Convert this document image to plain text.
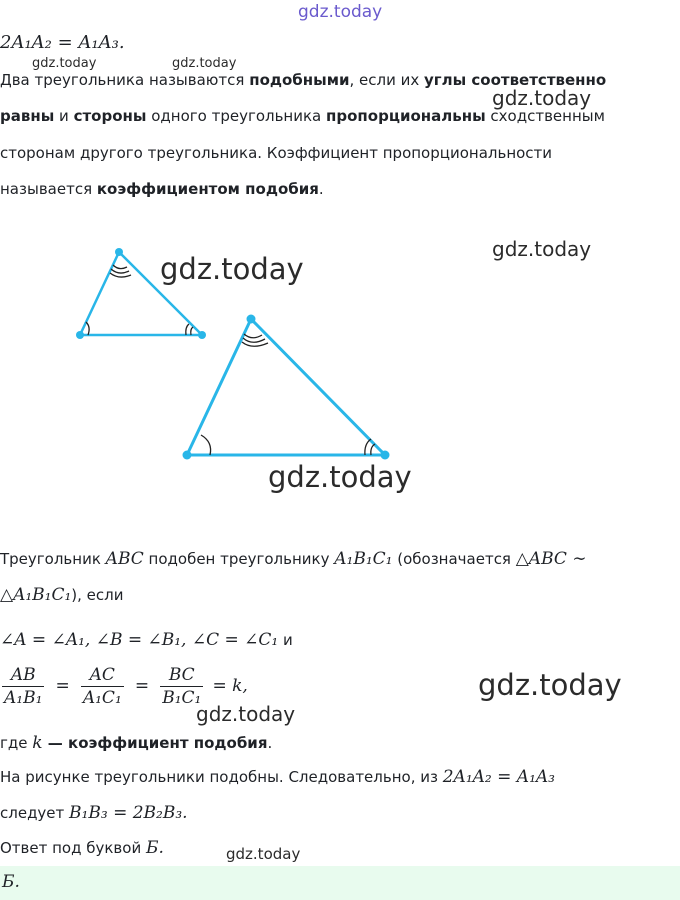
gdz.today
gdz.today	gdz.today
gdz.today
gdz.today
gdz.today
gdz.today
gdz.today
gdz.today
gdz.today
2A₁A₂ = A₁A₃.
Два треугольника называются подобными, если их углы соответственно
равны и стороны одного треугольника пропорциональны сходственным
сторонам другого треугольника. Коэффициент пропорциональности
называется коэффициентом подобия.
Треугольник ABC подобен треугольнику A₁B₁C₁ (обозначается △ABC ∼
△A₁B₁C₁), если
∠A = ∠A₁, ∠B = ∠B₁, ∠C = ∠C₁ и
$\frac{AB}{\text{A₁B₁}} = \frac{AC}{\text{A₁C₁}} = \frac{BC}{\text{B₁C₁}} = k$,
где k — коэффициент подобия.
На рисунке треугольники подобны. Следовательно, из 2A₁A₂ = A₁A₃
следует B₁B₃ = 2B₂B₃.
Ответ под буквой Б.
Б.
